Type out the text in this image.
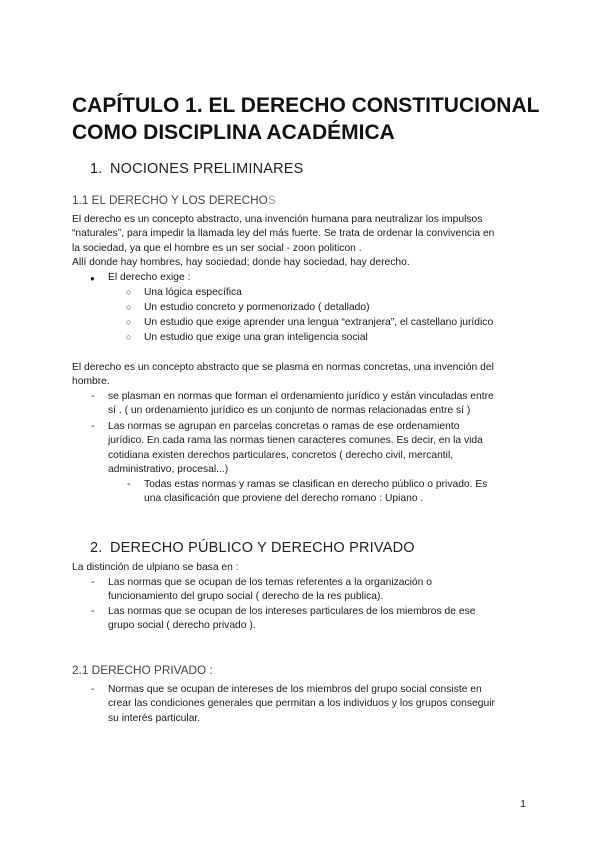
CAPÍTULO 1. EL DERECHO CONSTITUCIONAL COMO DISCIPLINA ACADÉMICA
1. NOCIONES PRELIMINARES
1.1 EL DERECHO Y LOS DERECHOS
El derecho es un concepto abstracto, una invención humana para neutralizar los impulsos
“naturales”, para impedir la llamada ley del más fuerte. Se trata de ordenar la convivencia en
la sociedad, ya que el hombre es un ser social - zoon politicon .
Allí donde hay hombres, hay sociedad; donde hay sociedad, hay derecho.
● El derecho exige :
○ Una lógica específica
○ Un estudio concreto y pormenorizado ( detallado)
○ Un estudio que exige aprender una lengua “extranjera”, el castellano jurídico
○ Un estudio que exige una gran inteligencia social
El derecho es un concepto abstracto que se plasma en normas concretas, una invención del
hombre.
- se plasman en normas que forman el ordenamiento jurídico y están vinculadas entre
sí . ( un ordenamiento jurídico es un conjunto de normas relacionadas entre sí )
- Las normas se agrupan en parcelas concretas o ramas de ese ordenamiento
jurídico. En cada rama las normas tienen caracteres comunes. Es decir, en la vida
cotidiana existen derechos particulares, concretos ( derecho civil, mercantil,
administrativo, procesal...)
- Todas estas normas y ramas se clasifican en derecho público o privado. Es
una clasificación que proviene del derecho romano : Upiano .
2. DERECHO PÚBLICO Y DERECHO PRIVADO
La distinción de ulpiano se basa en :
- Las normas que se ocupan de los temas referentes a la organización o
funcionamiento del grupo social ( derecho de la res publica).
- Las normas que se ocupan de los intereses particulares de los miembros de ese
grupo social ( derecho privado ).
2.1 DERECHO PRIVADO :
- Normas que se ocupan de intereses de los miembros del grupo social consiste en
crear las condiciones generales que permitan a los individuos y los grupos conseguir
su interés particular.
1
